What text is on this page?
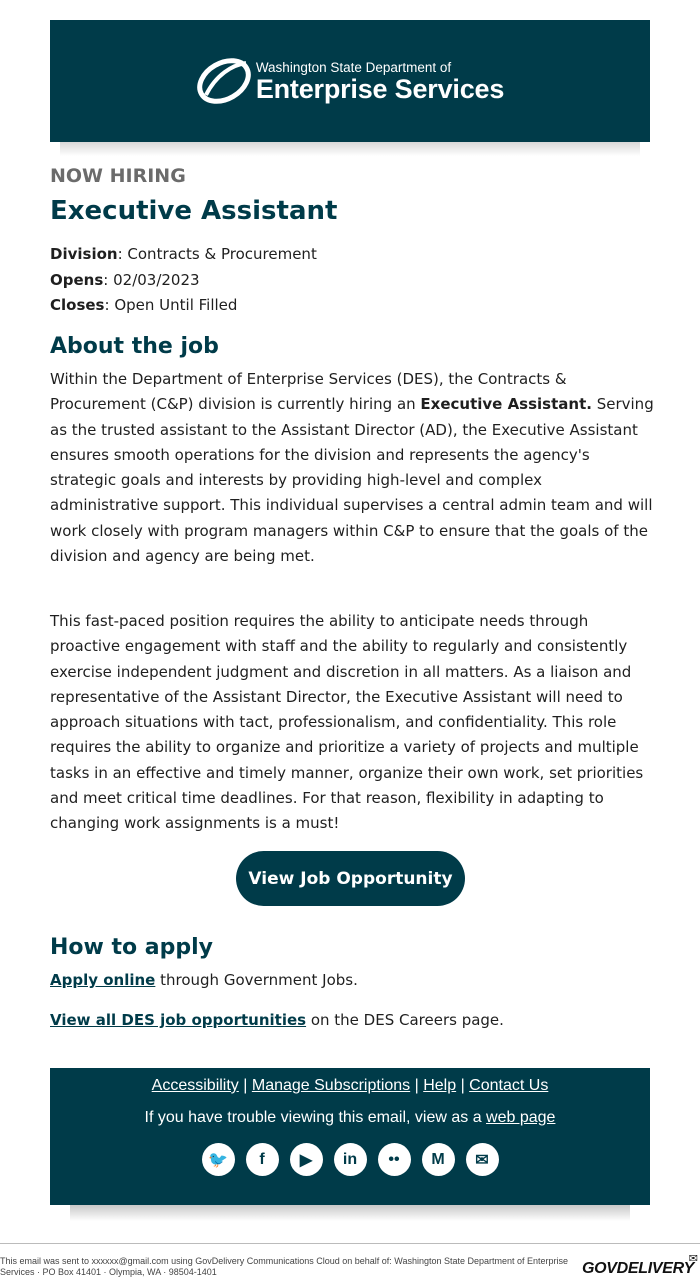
Washington State Department of
Enterprise Services
NOW HIRING
Executive Assistant
Division: Contracts & Procurement
Opens: 02/03/2023
Closes: Open Until Filled
About the job

Within the Department of Enterprise Services (DES), the Contracts & Procurement (C&P) division is currently hiring an Executive Assistant. Serving as the trusted assistant to the Assistant Director (AD), the Executive Assistant ensures smooth operations for the division and represents the agency's strategic goals and interests by providing high-level and complex administrative support. This individual supervises a central admin team and will work closely with program managers within C&P to ensure that the goals of the division and agency are being met.

This fast-paced position requires the ability to anticipate needs through proactive engagement with staff and the ability to regularly and consistently exercise independent judgment and discretion in all matters. As a liaison and representative of the Assistant Director, the Executive Assistant will need to approach situations with tact, professionalism, and confidentiality. This role requires the ability to organize and prioritize a variety of projects and multiple tasks in an effective and timely manner, organize their own work, set priorities and meet critical time deadlines. For that reason, flexibility in adapting to changing work assignments is a must!

View Job Opportunity
How to apply
Apply online through Government Jobs.
View all DES job opportunities on the DES Careers page.
Accessibility | Manage Subscriptions | Help | Contact Us
If you have trouble viewing this email, view as a web page
🐦	f	▶	in	••	M	✉
This email was sent to xxxxxx@gmail.com using GovDelivery Communications Cloud on behalf of: Washington State Department of Enterprise Services · PO Box 41401 · Olympia, WA · 98504-1401
✉
GOVDELIVERY
